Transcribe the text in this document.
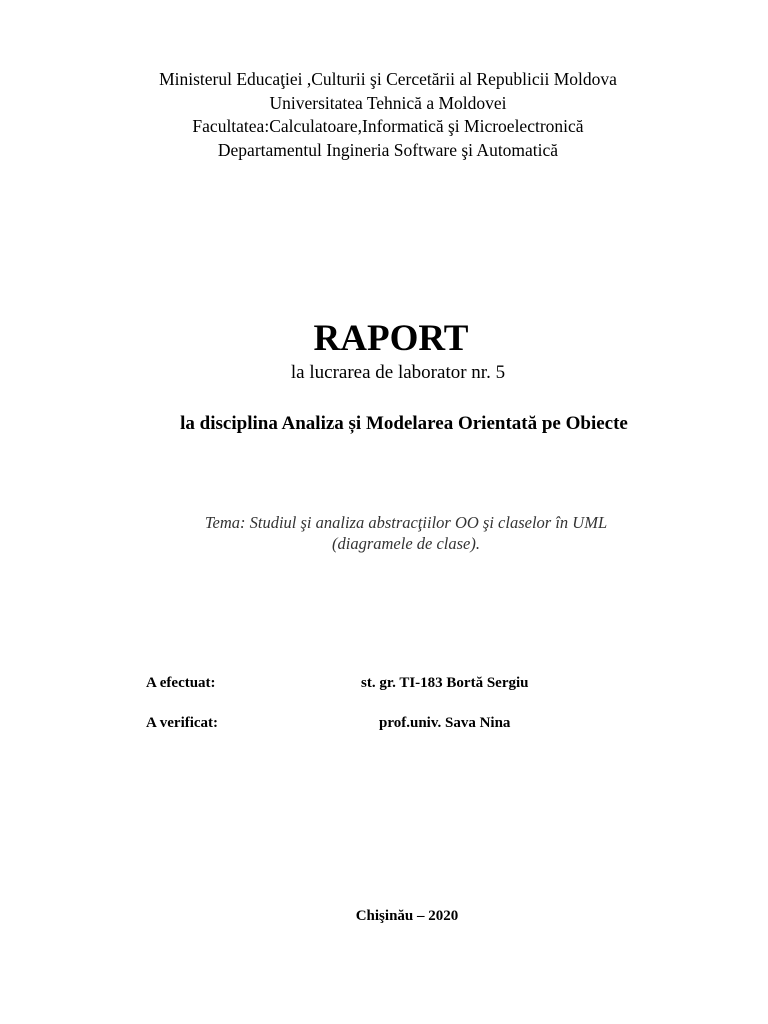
Ministerul Educaţiei ,Culturii şi Cercetării al Republicii Moldova
Universitatea Tehnică a Moldovei
Facultatea:Calculatoare,Informatică şi Microelectronică
Departamentul Ingineria Software şi Automatică
RAPORT
la lucrarea de laborator nr. 5
la disciplina Analiza și Modelarea Orientată pe Obiecte
Tema: Studiul şi analiza abstracţiilor OO şi claselor în UML
(diagramele de clase).
A efectuat:	st. gr. TI-183 Bortă Sergiu
A verificat:	prof.univ. Sava Nina
Chişinău – 2020
